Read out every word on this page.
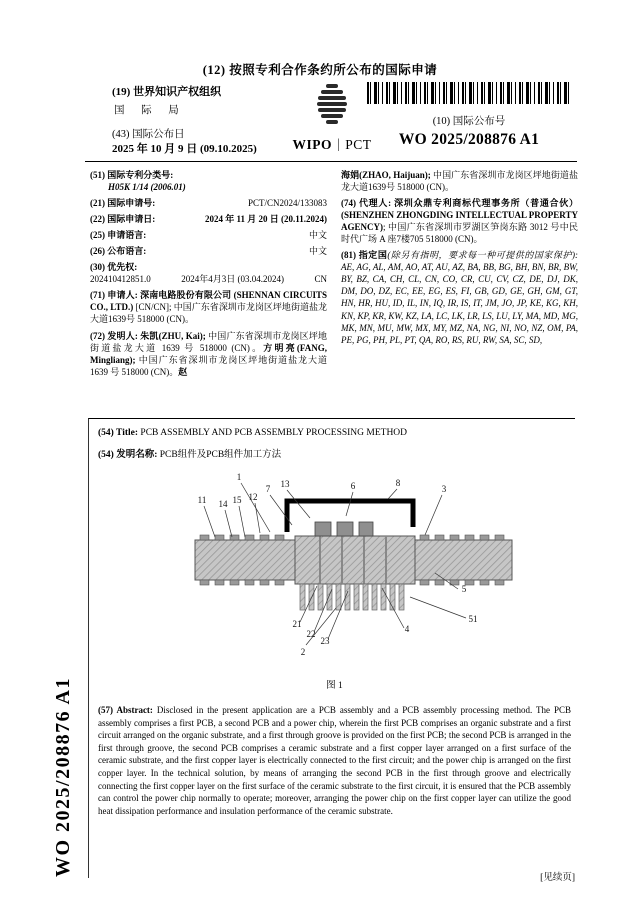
(12) 按照专利合作条约所公布的国际申请
(19) 世界知识产权组织
国 际 局
(43) 国际公布日
2025 年 10 月 9 日 (09.10.2025)	WIPO | PCT
(10) 国际公布号
WO 2025/208876 A1
(51) 国际专利分类号:
H05K 1/14 (2006.01)
(21) 国际申请号:	PCT/CN2024/133083
(22) 国际申请日:	2024 年 11 月 20 日 (20.11.2024)
(25) 申请语言:	中文
(26) 公布语言:	中文
(30) 优先权:
202410412851.0	2024年4月3日 (03.04.2024)	CN
(71) 申请人: 深南电路股份有限公司 (SHENNAN CIRCUITS CO., LTD.) [CN/CN]; 中国广东省深圳市龙岗区坪地街道盐龙大道1639号 518000 (CN)。
(72) 发明人: 朱凯(ZHU, Kai); 中国广东省深圳市龙岗区坪地街道盐龙大道 1639 号 518000 (CN)。方明亮(FANG, Mingliang); 中国广东省深圳市龙岗区坪地街道盐龙大道 1639 号 518000 (CN)。赵
海娟(ZHAO, Haijuan); 中国广东省深圳市龙岗区坪地街道盐龙大道1639号 518000 (CN)。
(74) 代理人: 深圳众鼎专利商标代理事务所（普通合伙） (SHENZHEN ZHONGDING INTELLECTUAL PROPERTY AGENCY); 中国广东省深圳市罗湖区笋岗东路 3012 号中民时代广场 A 座7楼705 518000 (CN)。
(81) 指定国(除另有指明，要求每一种可提供的国家保护): AE, AG, AL, AM, AO, AT, AU, AZ, BA, BB, BG, BH, BN, BR, BW, BY, BZ, CA, CH, CL, CN, CO, CR, CU, CV, CZ, DE, DJ, DK, DM, DO, DZ, EC, EE, EG, ES, FI, GB, GD, GE, GH, GM, GT, HN, HR, HU, ID, IL, IN, IQ, IR, IS, IT, JM, JO, JP, KE, KG, KH, KN, KP, KR, KW, KZ, LA, LC, LK, LR, LS, LU, LY, MA, MD, MG, MK, MN, MU, MW, MX, MY, MZ, NA, NG, NI, NO, NZ, OM, PA, PE, PG, PH, PL, PT, QA, RO, RS, RU, RW, SA, SC, SD,
(54) Title: PCB ASSEMBLY AND PCB ASSEMBLY PROCESSING METHOD
(54) 发明名称: PCB组件及PCB组件加工方法
1
7 13	6	8
3
11 14 15 12
5
51
21
22
23
2
4
图 1
(57) Abstract: Disclosed in the present application are a PCB assembly and a PCB assembly processing method. The PCB assembly comprises a first PCB, a second PCB and a power chip, wherein the first PCB comprises an organic substrate and a first circuit arranged on the organic substrate, and a first through groove is provided on the first PCB; the second PCB is arranged in the first through groove, the second PCB comprises a ceramic substrate and a first copper layer arranged on a first surface of the ceramic substrate, and the first copper layer is electrically connected to the first circuit; and the power chip is arranged on the first copper layer. In the technical solution, by means of arranging the second PCB in the first through groove and electrically connecting the first copper layer on the first surface of the ceramic substrate to the first circuit, it is ensured that the PCB assembly can control the power chip normally to operate; moreover, arranging the power chip on the first copper layer can utilize the good heat dissipation performance and insulation performance of the ceramic substrate.
[见续页]
WO 2025/208876 A1
